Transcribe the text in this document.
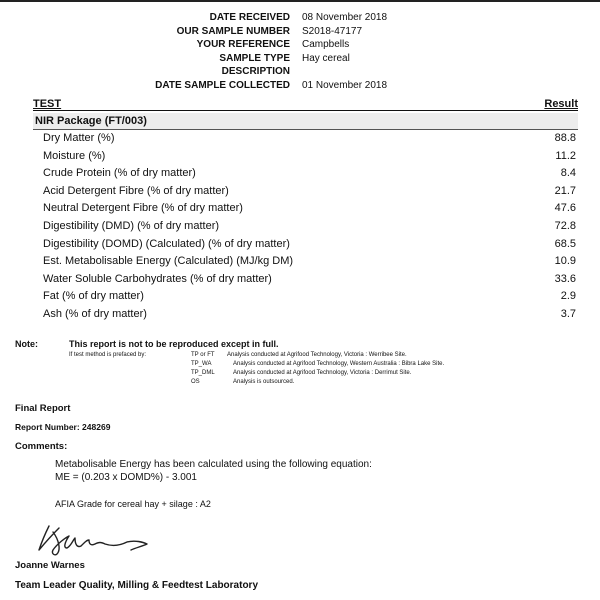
DATE RECEIVED 08 November 2018
OUR SAMPLE NUMBER S2018-47177
YOUR REFERENCE Campbells
SAMPLE TYPE Hay cereal
DESCRIPTION
DATE SAMPLE COLLECTED 01 November 2018
TEST	Result
NIR Package (FT/003)
Dry Matter (%)	88.8
Moisture (%)	11.2
Crude Protein (% of dry matter)	8.4
Acid Detergent Fibre (% of dry matter)	21.7
Neutral Detergent Fibre (% of dry matter)	47.6
Digestibility (DMD) (% of dry matter)	72.8
Digestibility (DOMD) (Calculated) (% of dry matter)	68.5
Est. Metabolisable Energy (Calculated) (MJ/kg DM)	10.9
Water Soluble Carbohydrates (% of dry matter)	33.6
Fat (% of dry matter)	2.9
Ash (% of dry matter)	3.7
Note:	This report is not to be reproduced except in full.
If test method is prefaced by:	TP or FT Analysis conducted at Agrifood Technology, Victoria : Werribee Site.
TP_WA	Analysis conducted at Agrifood Technology, Western Australia : Bibra Lake Site.
TP_DML	Analysis conducted at Agrifood Technology, Victoria : Derrimut Site.
OS	Analysis is outsourced.
Final Report
Report Number: 248269
Comments:
Metabolisable Energy has been calculated using the following equation:
ME = (0.203 x DOMD%) - 3.001
AFIA Grade for cereal hay + silage : A2
Joanne Warnes
Team Leader Quality, Milling & Feedtest Laboratory
